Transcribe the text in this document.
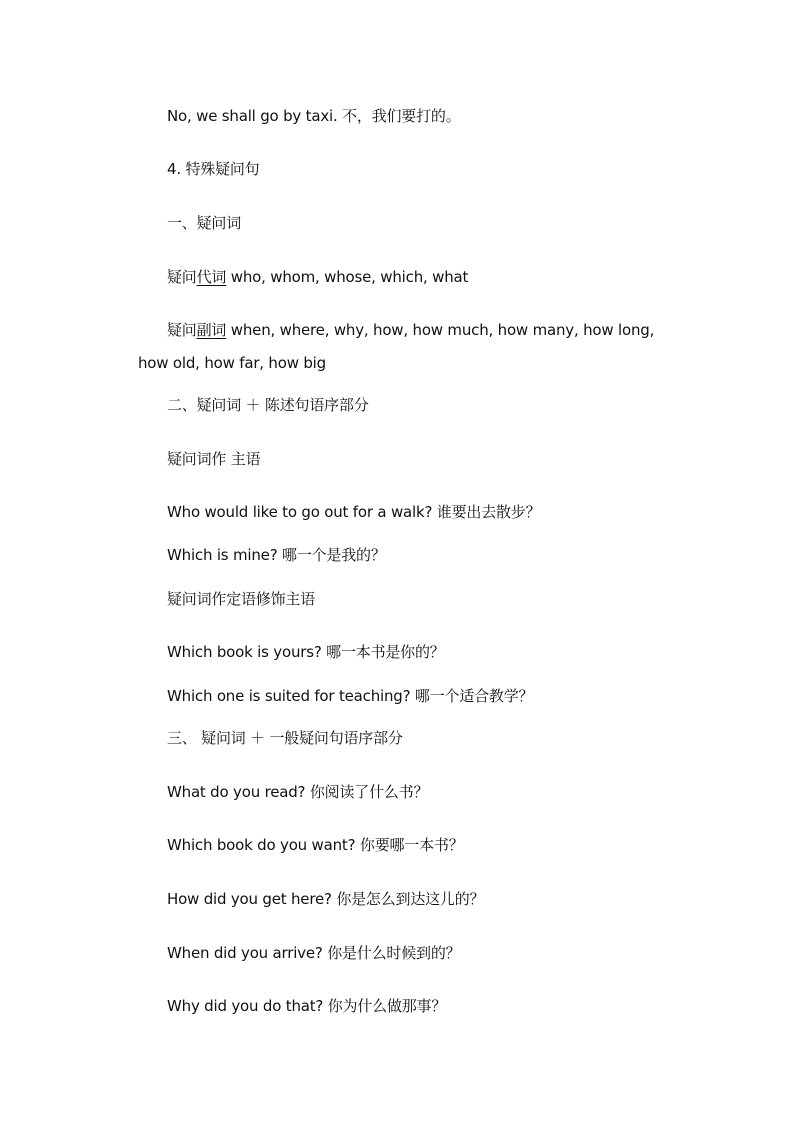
No, we shall go by taxi. 不，我们要打的。
4. 特殊疑问句
一、疑问词
疑问代词 who, whom, whose, which, what
疑问副词 when, where, why, how, how much, how many, how long,
how old, how far, how big
二、疑问词 ＋ 陈述句语序部分
疑问词作 主语
Who would like to go out for a walk? 谁要出去散步？
Which is mine? 哪一个是我的？
疑问词作定语修饰主语
Which book is yours? 哪一本书是你的？
Which one is suited for teaching? 哪一个适合教学？
三、 疑问词 ＋ 一般疑问句语序部分
What do you read? 你阅读了什么书？
Which book do you want? 你要哪一本书？
How did you get here? 你是怎么到达这儿的？
When did you arrive? 你是什么时候到的？
Why did you do that? 你为什么做那事？
